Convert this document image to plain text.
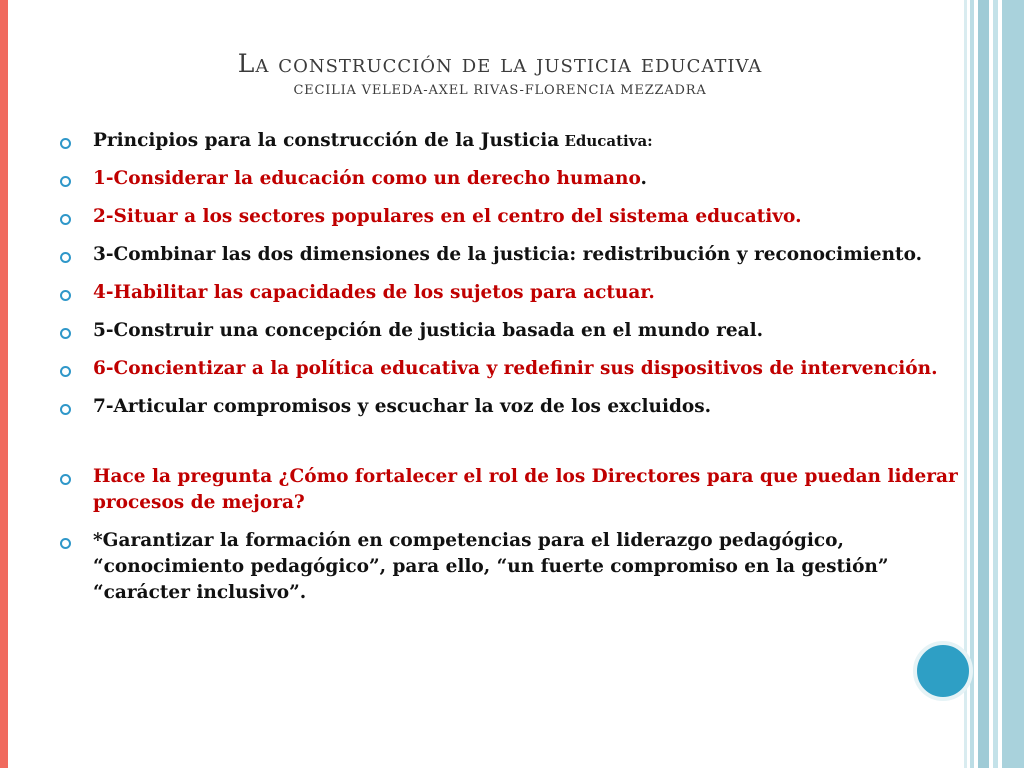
La construcción de la justicia educativa
CECILIA VELEDA-AXEL RIVAS-FLORENCIA MEZZADRA
Principios para la construcción de la Justicia Educativa:
1-Considerar la educación como un derecho humano.
2-Situar a los sectores populares en el centro del sistema educativo.
3-Combinar las dos dimensiones de la justicia: redistribución y reconocimiento.
4-Habilitar las capacidades de los sujetos para actuar.
5-Construir una concepción de justicia basada en el mundo real.
6-Concientizar a la política educativa y redefinir sus dispositivos de intervención.
7-Articular compromisos y escuchar la voz de los excluidos.
Hace la pregunta ¿Cómo fortalecer el rol de los Directores para que puedan liderar procesos de mejora?
*Garantizar la formación en competencias para el liderazgo pedagógico, “conocimiento pedagógico”, para ello, “un fuerte compromiso en la gestión” “carácter inclusivo”.
